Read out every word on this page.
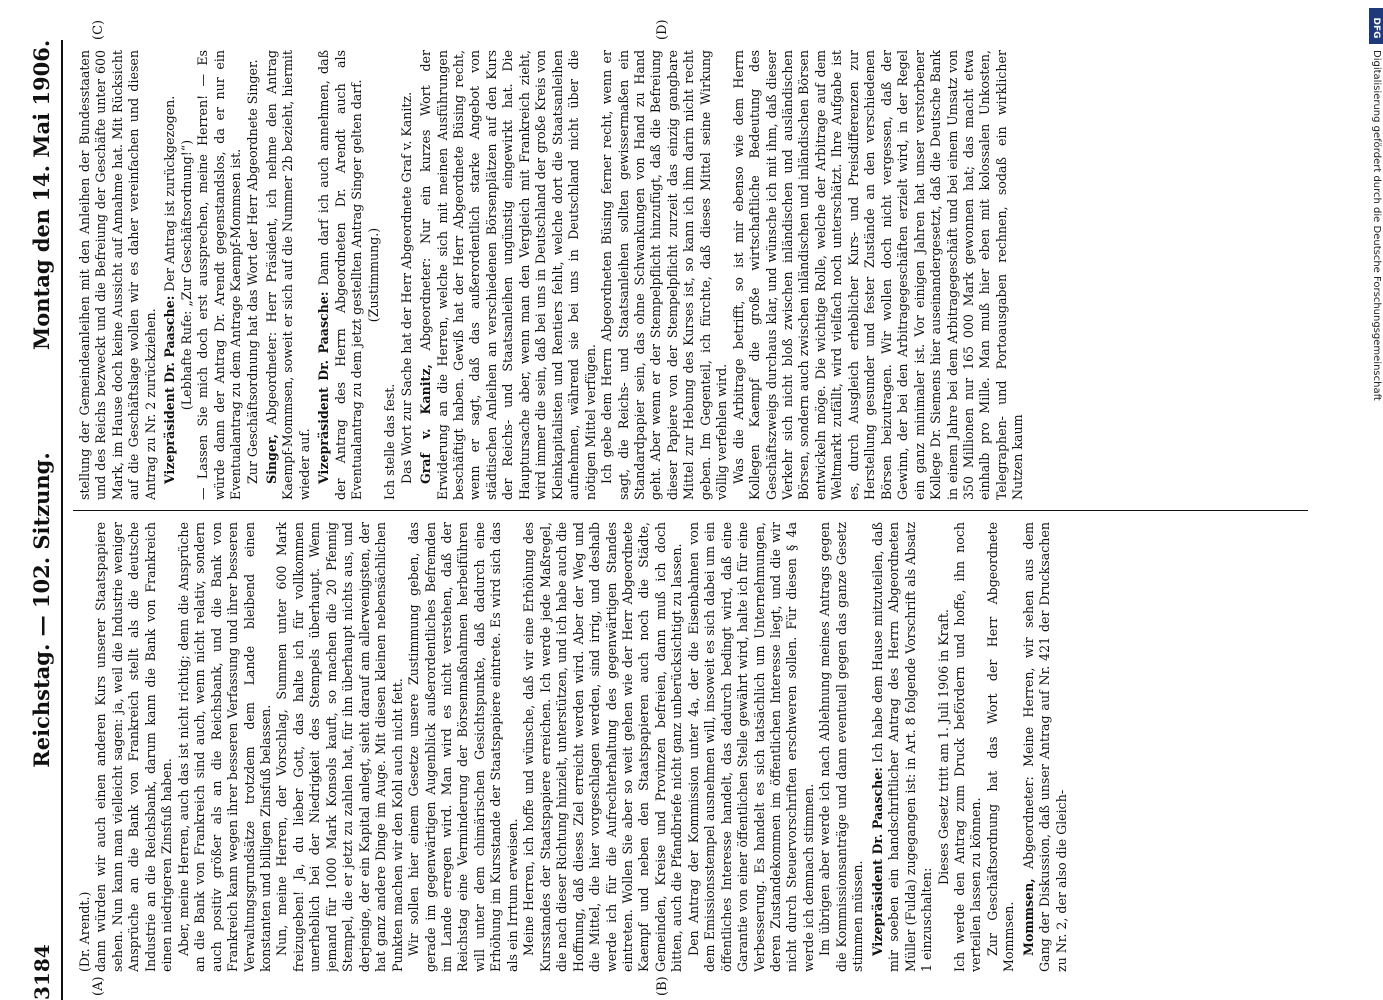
3184
Reichstag. — 102. Sitzung.
Montag den 14. Mai 1906.
(A)	(B)
(C)	(D)

(Dr. Arendt.) dann würden wir auch einen anderen Kurs unserer Staatspapiere sehen. Nun kann man vielleicht sagen: ja, weil die Industrie weniger Ansprüche an die Bank von Frankreich stellt als die deutsche Industrie an die Reichsbank, darum kann die Bank von Frankreich einen niedrigeren Zinsfuß haben. Aber, meine Herren, auch das ist nicht richtig; denn die Ansprüche an die Bank von Frankreich sind auch, wenn nicht relativ, sondern auch positiv größer als an die Reichsbank, und die Bank von Frankreich kann wegen ihrer besseren Verfassung und ihrer besseren Verwaltungsgrundsätze trotzdem dem Lande bleibend einen konstanten und billigen Zinsfuß belassen. Nun, meine Herren, der Vorschlag, Summen unter 600 Mark freizugeben! Ja, du lieber Gott, das halte ich für vollkommen unerheblich bei der Niedrigkeit des Stempels überhaupt. Wenn jemand für 1000 Mark Konsols kauft, so machen die 20 Pfennig Stempel, die er jetzt zu zahlen hat, für ihn überhaupt nichts aus, und derjenige, der ein Kapital anlegt, sieht darauf am allerwenigsten, der hat ganz andere Dinge im Auge. Mit diesen kleinen nebensächlichen Punkten machen wir den Kohl auch nicht fett. Wir sollen hier einem Gesetze unsere Zustimmung geben, das gerade im gegenwärtigen Augenblick außerordentliches Befremden im Lande erregen wird. Man wird es nicht verstehen, daß der Reichstag eine Verminderung der Börsenmaßnahmen herbeiführen will unter dem chimärischen Gesichtspunkte, daß dadurch eine Erhöhung im Kursstande der Staatspapiere eintrete. Es wird sich das als ein Irrtum erweisen. Meine Herren, ich hoffe und wünsche, daß wir eine Erhöhung des Kursstandes der Staatspapiere erreichen. Ich werde jede Maßregel, die nach dieser Richtung hinzielt, unterstützen, und ich habe auch die Hoffnung, daß dieses Ziel erreicht werden wird. Aber der Weg und die Mittel, die hier vorgeschlagen werden, sind irrig, und deshalb werde ich für die Aufrechterhaltung des gegenwärtigen Standes eintreten. Wollen Sie aber so weit gehen wie der Herr Abgeordnete Kaempf und neben den Staatspapieren auch noch die Städte, Gemeinden, Kreise und Provinzen befreien, dann muß ich doch bitten, auch die Pfandbriefe nicht ganz unberücksichtigt zu lassen. Den Antrag der Kommission unter 4a, der die Eisenbahnen von dem Emissionsstempel ausnehmen will, insoweit es sich dabei um ein öffentliches Interesse handelt, das dadurch bedingt wird, daß eine Garantie von einer öffentlichen Stelle gewährt wird, halte ich für eine Verbesserung. Es handelt es sich tatsächlich um Unternehmungen, deren Zustandekommen im öffentlichen Interesse liegt, und die wir nicht durch Steuervorschriften erschweren sollen. Für diesen § 4a werde ich demnach stimmen. Im übrigen aber werde ich nach Ablehnung meines Antrags gegen die Kommissionsanträge und dann eventuell gegen das ganze Gesetz stimmen müssen. Vizepräsident Dr. Paasche: Ich habe dem Hause mitzuteilen, daß mir soeben ein handschriftlicher Antrag des Herrn Abgeordneten Müller (Fulda) zugegangen ist: in Art. 8 folgende Vorschrift als Absatz 1 einzuschalten:

Dieses Gesetz tritt am 1. Juli 1906 in Kraft. Ich werde den Antrag zum Druck befördern und hoffe, ihn noch verteilen lassen zu können. Zur Geschäftsordnung hat das Wort der Herr Abgeordnete Mommsen. Mommsen, Abgeordneter: Meine Herren, wir sehen aus dem Gang der Diskussion, daß unser Antrag auf Nr. 421 der Drucksachen zu Nr. 2, der also die Gleich-

stellung der Gemeindeanleihen mit den Anleihen der Bundesstaaten und des Reichs bezweckt und die Befreiung der Geschäfte unter 600 Mark, im Hause doch keine Aussicht auf Annahme hat. Mit Rücksicht auf die Geschäftslage wollen wir es daher vereinfachen und diesen Antrag zu Nr. 2 zurückziehen. Vizepräsident Dr. Paasche: Der Antrag ist zurückgezogen. (Lebhafte Rufe: „Zur Geschäftsordnung!“) — Lassen Sie mich doch erst aussprechen, meine Herren! — Es würde dann der Antrag Dr. Arendt gegenstandslos, da er nur ein Eventualantrag zu dem Antrage Kaempf-Mommsen ist. Zur Geschäftsordnung hat das Wort der Herr Abgeordnete Singer. Singer, Abgeordneter: Herr Präsident, ich nehme den Antrag Kaempf-Mommsen, soweit er sich auf die Nummer 2b bezieht, hiermit wieder auf. Vizepräsident Dr. Paasche: Dann darf ich auch annehmen, daß der Antrag des Herrn Abgeordneten Dr. Arendt auch als Eventualantrag zu dem jetzt gestellten Antrag Singer gelten darf. (Zustimmung.)

Ich stelle das fest. Das Wort zur Sache hat der Herr Abgeordnete Graf v. Kanitz. Graf v. Kanitz, Abgeordneter: Nur ein kurzes Wort der Erwiderung an die Herren, welche sich mit meinen Ausführungen beschäftigt haben. Gewiß hat der Herr Abgeordnete Büsing recht, wenn er sagt, daß das außerordentlich starke Angebot von städtischen Anleihen an verschiedenen Börsenplätzen auf den Kurs der Reichs- und Staatsanleihen ungünstig eingewirkt hat. Die Hauptursache aber, wenn man den Vergleich mit Frankreich zieht, wird immer die sein, daß bei uns in Deutschland der große Kreis von Kleinkapitalisten und Rentiers fehlt, welche dort die Staatsanleihen aufnehmen, während sie bei uns in Deutschland nicht über die nötigen Mittel verfügen. Ich gebe dem Herrn Abgeordneten Büsing ferner recht, wenn er sagt, die Reichs- und Staatsanleihen sollten gewissermaßen ein Standardpapier sein, das ohne Schwankungen von Hand zu Hand geht. Aber wenn er der Stempelpflicht hinzufügt, daß die Befreiung dieser Papiere von der Stempelpflicht zurzeit das einzig gangbare Mittel zur Hebung des Kurses ist, so kann ich ihm darin nicht recht geben. Im Gegenteil, ich fürchte, daß dieses Mittel seine Wirkung völlig verfehlen wird. Was die Arbitrage betrifft, so ist mir ebenso wie dem Herrn Kollegen Kaempf die große wirtschaftliche Bedeutung des Geschäftszweigs durchaus klar, und wünsche ich mit ihm, daß dieser Verkehr sich nicht bloß zwischen inländischen und ausländischen Börsen, sondern auch zwischen inländischen und inländischen Börsen entwickeln möge. Die wichtige Rolle, welche der Arbitrage auf dem Weltmarkt zufällt, wird vielfach noch unterschätzt. Ihre Aufgabe ist es, durch Ausgleich erheblicher Kurs- und Preisdifferenzen zur Herstellung gesunder und fester Zustände an den verschiedenen Börsen beizutragen. Wir wollen doch nicht vergessen, daß der Gewinn, der bei den Arbitragegeschäften erzielt wird, in der Regel ein ganz minimaler ist. Vor einigen Jahren hat unser verstorbener Kollege Dr. Siemens hier auseinandergesetzt, daß die Deutsche Bank in einem Jahre bei dem Arbitragegeschäft und bei einem Umsatz von 350 Millionen nur 165 000 Mark gewonnen hat; das macht etwa einhalb pro Mille. Man muß hier eben mit kolossalen Unkosten, Telegraphen- und Portoausgaben rechnen, sodaß ein wirklicher Nutzen kaum

DFG
Digitalisierung gefördert durch die Deutsche Forschungsgemeinschaft
